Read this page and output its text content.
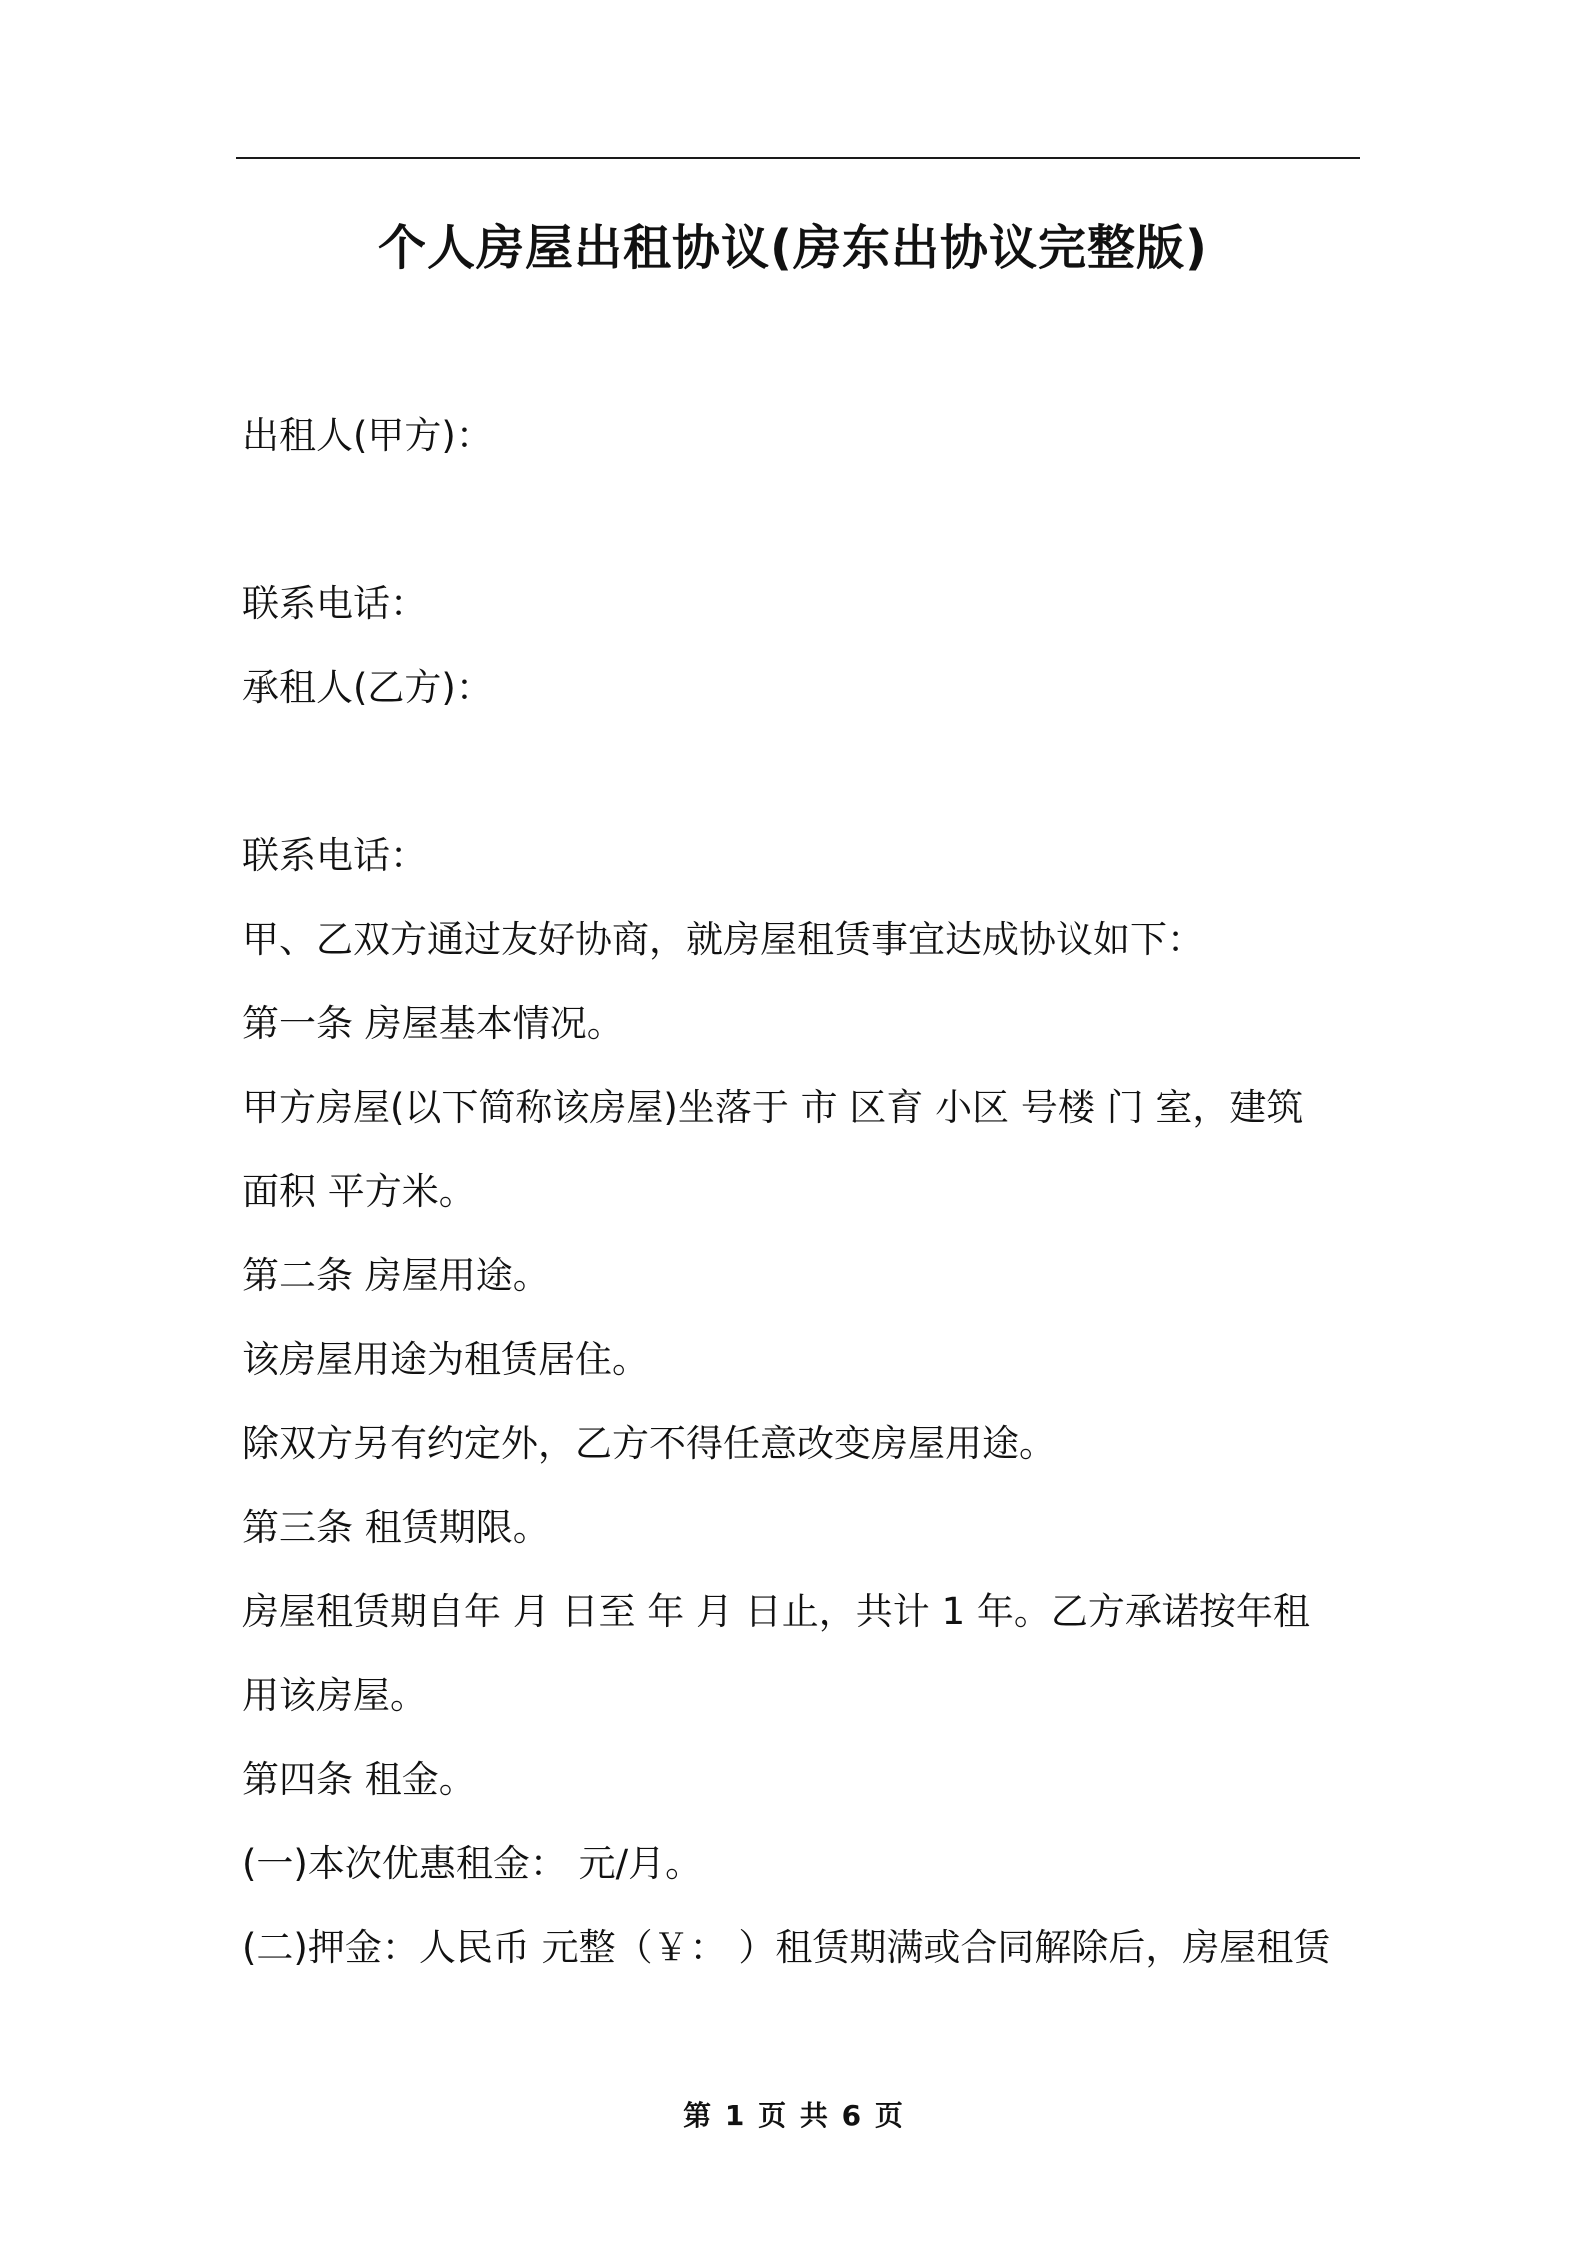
个人房屋出租协议(房东出协议完整版)
出租人(甲方)：
联系电话：
承租人(乙方)：
联系电话：
甲、乙双方通过友好协商，就房屋租赁事宜达成协议如下：
第一条 房屋基本情况。
甲方房屋(以下简称该房屋)坐落于 市 区育 小区 号楼 门 室，建筑
面积 平方米。
第二条 房屋用途。
该房屋用途为租赁居住。
除双方另有约定外，乙方不得任意改变房屋用途。
第三条 租赁期限。
房屋租赁期自年 月 日至 年 月 日止，共计 1 年。乙方承诺按年租
用该房屋。
第四条 租金。
(一)本次优惠租金： 元/月。
(二)押金：人民币 元整（￥： ）租赁期满或合同解除后，房屋租赁
第 1 页 共 6 页
